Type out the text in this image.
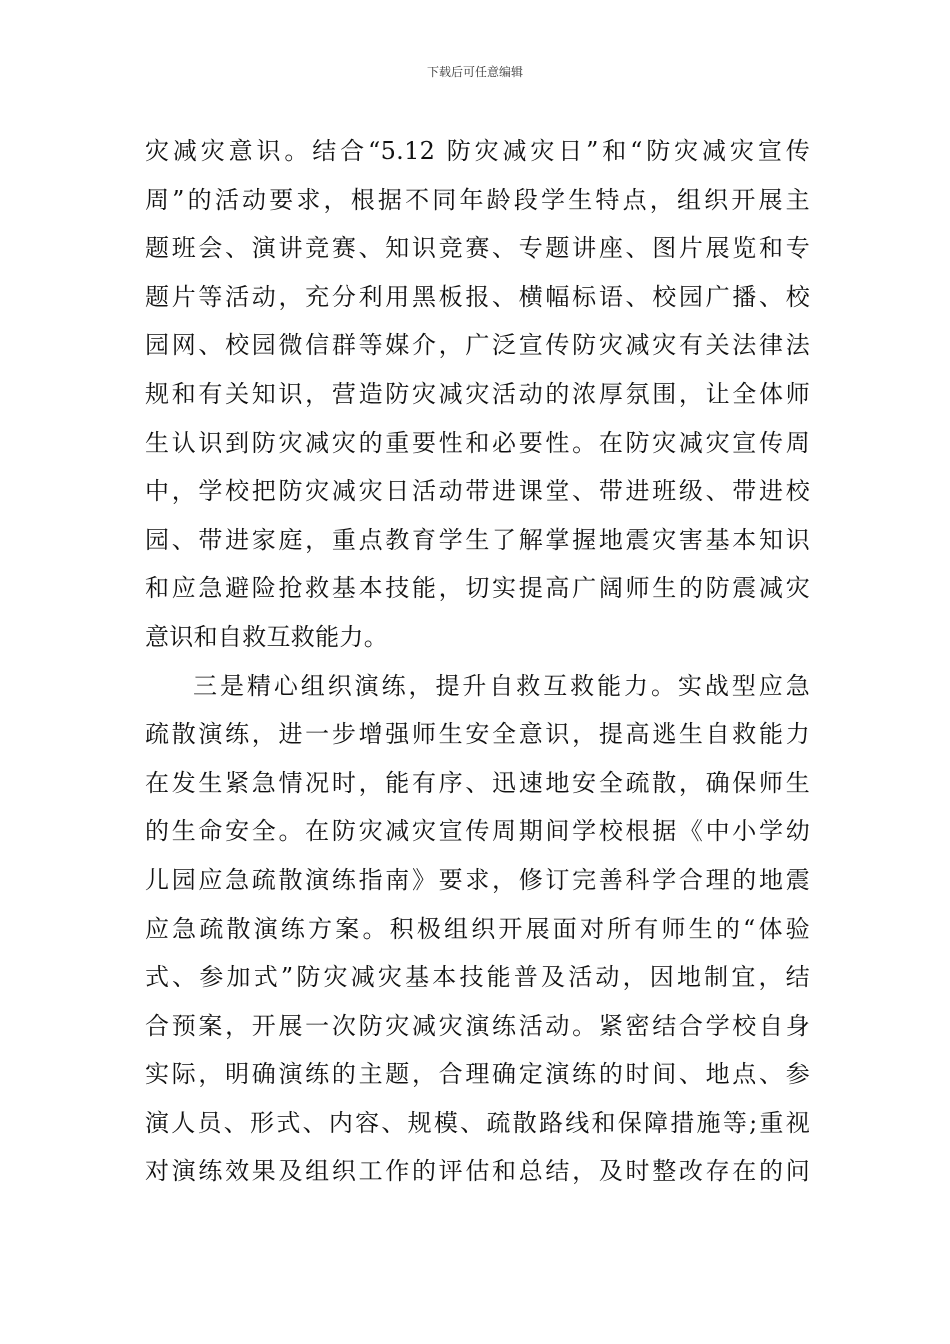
下载后可任意编辑
灾减灾意识。结合“5.12 防灾减灾日”和“防灾减灾宣传
周”的活动要求，根据不同年龄段学生特点，组织开展主
题班会、演讲竞赛、知识竞赛、专题讲座、图片展览和专
题片等活动，充分利用黑板报、横幅标语、校园广播、校
园网、校园微信群等媒介，广泛宣传防灾减灾有关法律法
规和有关知识，营造防灾减灾活动的浓厚氛围，让全体师
生认识到防灾减灾的重要性和必要性。在防灾减灾宣传周
中，学校把防灾减灾日活动带进课堂、带进班级、带进校
园、带进家庭，重点教育学生了解掌握地震灾害基本知识
和应急避险抢救基本技能，切实提高广阔师生的防震减灾
意识和自救互救能力。
三是精心组织演练，提升自救互救能力。实战型应急
疏散演练，进一步增强师生安全意识，提高逃生自救能力
在发生紧急情况时，能有序、迅速地安全疏散，确保师生
的生命安全。在防灾减灾宣传周期间学校根据《中小学幼
儿园应急疏散演练指南》要求，修订完善科学合理的地震
应急疏散演练方案。积极组织开展面对所有师生的“体验
式、参加式”防灾减灾基本技能普及活动，因地制宜，结
合预案，开展一次防灾减灾演练活动。紧密结合学校自身
实际，明确演练的主题，合理确定演练的时间、地点、参
演人员、形式、内容、规模、疏散路线和保障措施等;重视
对演练效果及组织工作的评估和总结，及时整改存在的问
